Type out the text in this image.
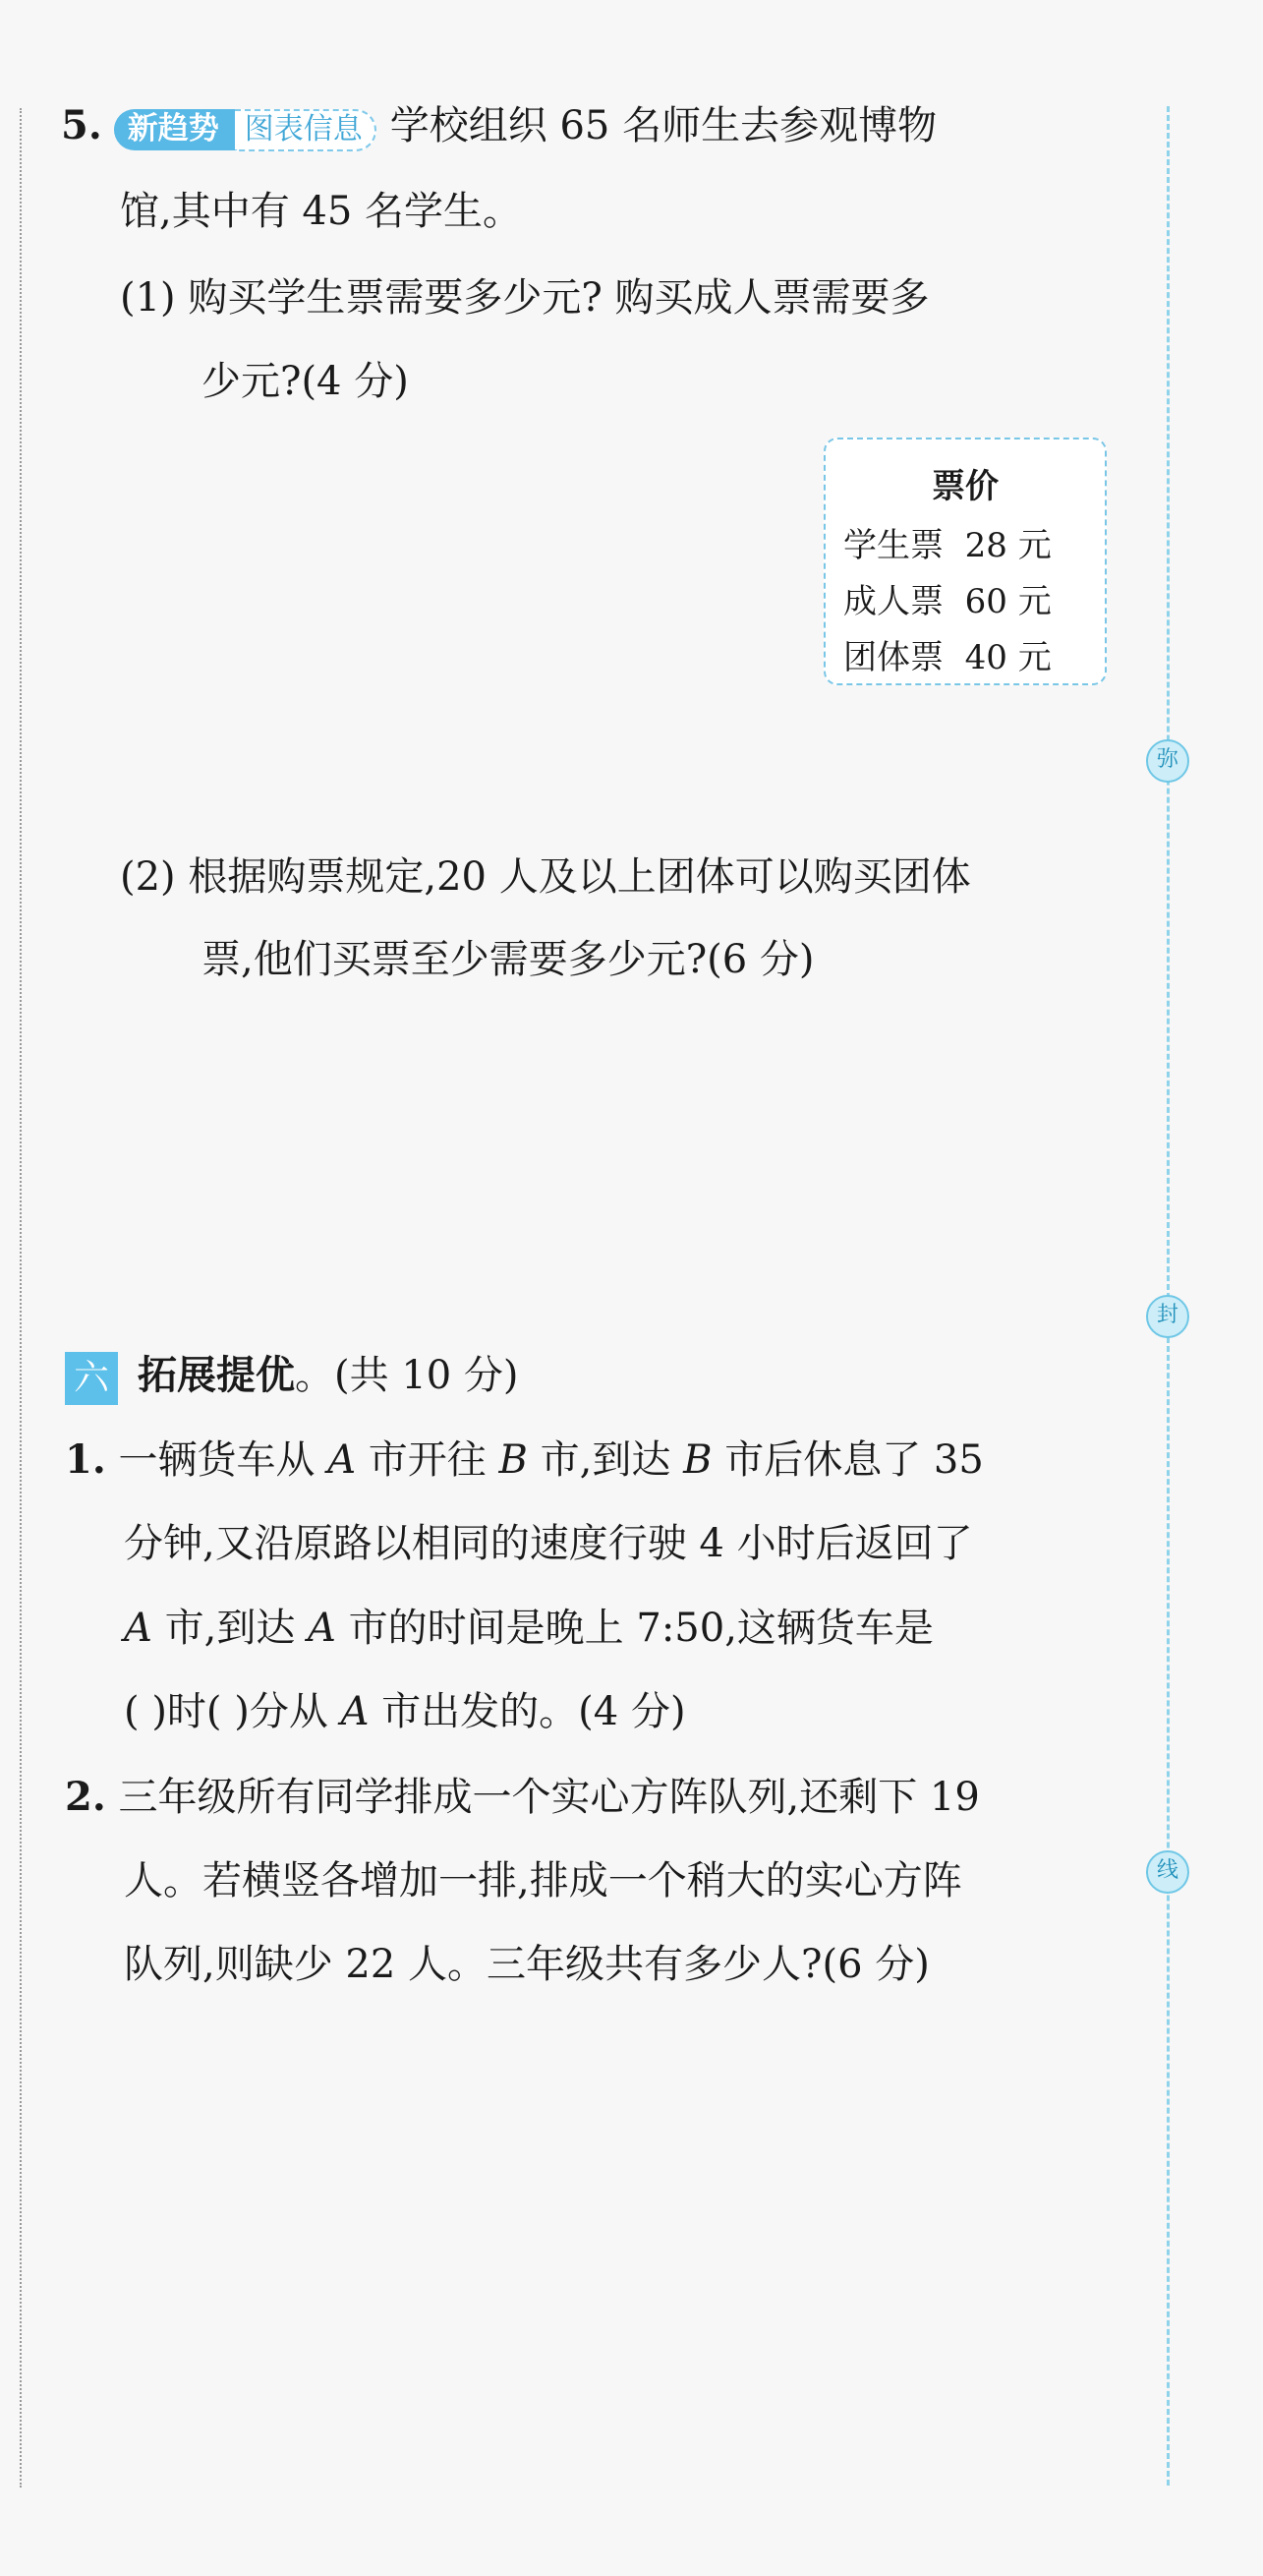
弥
封
线
5. 新趋势 图表信息 学校组织 65 名师生去参观博物
馆,其中有 45 名学生。
(1) 购买学生票需要多少元? 购买成人票需要多
少元?(4 分)
票价
学生票 28 元
成人票 60 元
团体票 40 元
(2) 根据购票规定,20 人及以上团体可以购买团体
票,他们买票至少需要多少元?(6 分)
六 拓展提优。(共 10 分)
1. 一辆货车从 A 市开往 B 市,到达 B 市后休息了 35
分钟,又沿原路以相同的速度行驶 4 小时后返回了
A 市,到达 A 市的时间是晚上 7:50,这辆货车是
( )时( )分从 A 市出发的。(4 分)
2. 三年级所有同学排成一个实心方阵队列,还剩下 19
人。若横竖各增加一排,排成一个稍大的实心方阵
队列,则缺少 22 人。三年级共有多少人?(6 分)
